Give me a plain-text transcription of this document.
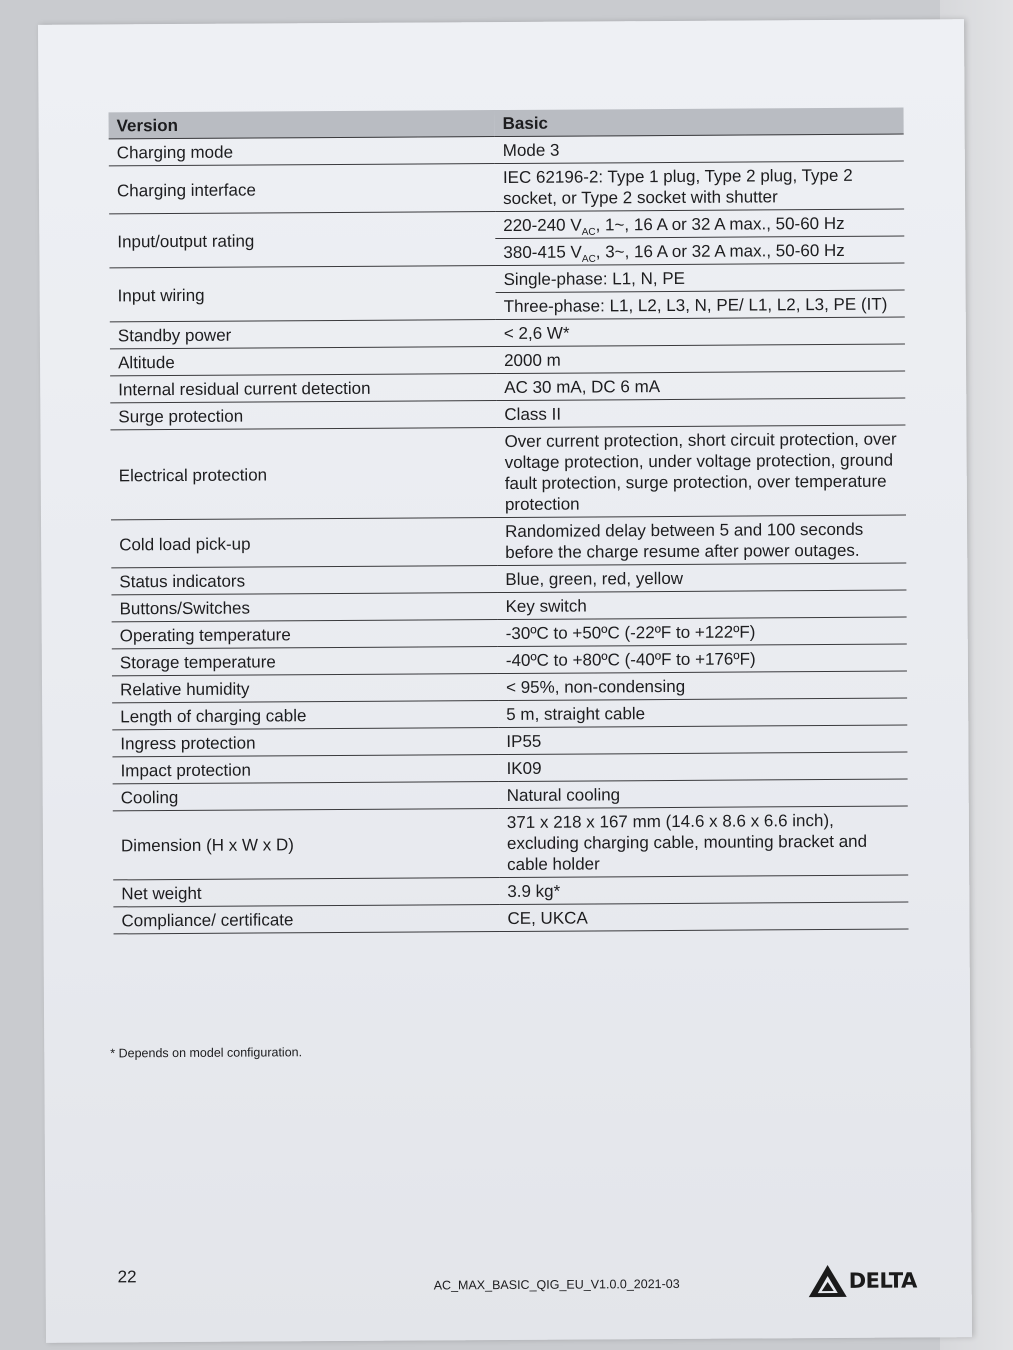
Version	Basic
Charging mode	Mode 3
Charging interface	IEC 62196-2: Type 1 plug, Type 2 plug, Type 2 socket, or Type 2 socket with shutter
Input/output rating	220-240 $V_{AC}$, 1~, 16 A or 32 A max., 50-60 Hz
	380-415 $V_{AC}$, 3~, 16 A or 32 A max., 50-60 Hz
Input wiring	Single-phase: L1, N, PE
	Three-phase: L1, L2, L3, N, PE/ L1, L2, L3, PE (IT)
Standby power	< 2,6 W*
Altitude	2000 m
Internal residual current detection	AC 30 mA, DC 6 mA
Surge protection	Class II
Electrical protection	Over current protection, short circuit protection, over voltage protection, under voltage protection, ground fault protection, surge protection, over temperature protection
Cold load pick-up	Randomized delay between 5 and 100 seconds before the charge resume after power outages.
Status indicators	Blue, green, red, yellow
Buttons/Switches	Key switch
Operating temperature	-30ºC to +50ºC (-22ºF to +122ºF)
Storage temperature	-40ºC to +80ºC (-40ºF to +176ºF)
Relative humidity	< 95%, non-condensing
Length of charging cable	5 m, straight cable
Ingress protection	IP55
Impact protection	IK09
Cooling	Natural cooling
Dimension (H x W x D)	371 x 218 x 167 mm (14.6 x 8.6 x 6.6 inch), excluding charging cable, mounting bracket and cable holder
Net weight	3.9 kg*
Compliance/ certificate	CE, UKCA
* Depends on model configuration.
22	AC_MAX_BASIC_QIG_EU_V1.0.0_2021-03	DELTA
